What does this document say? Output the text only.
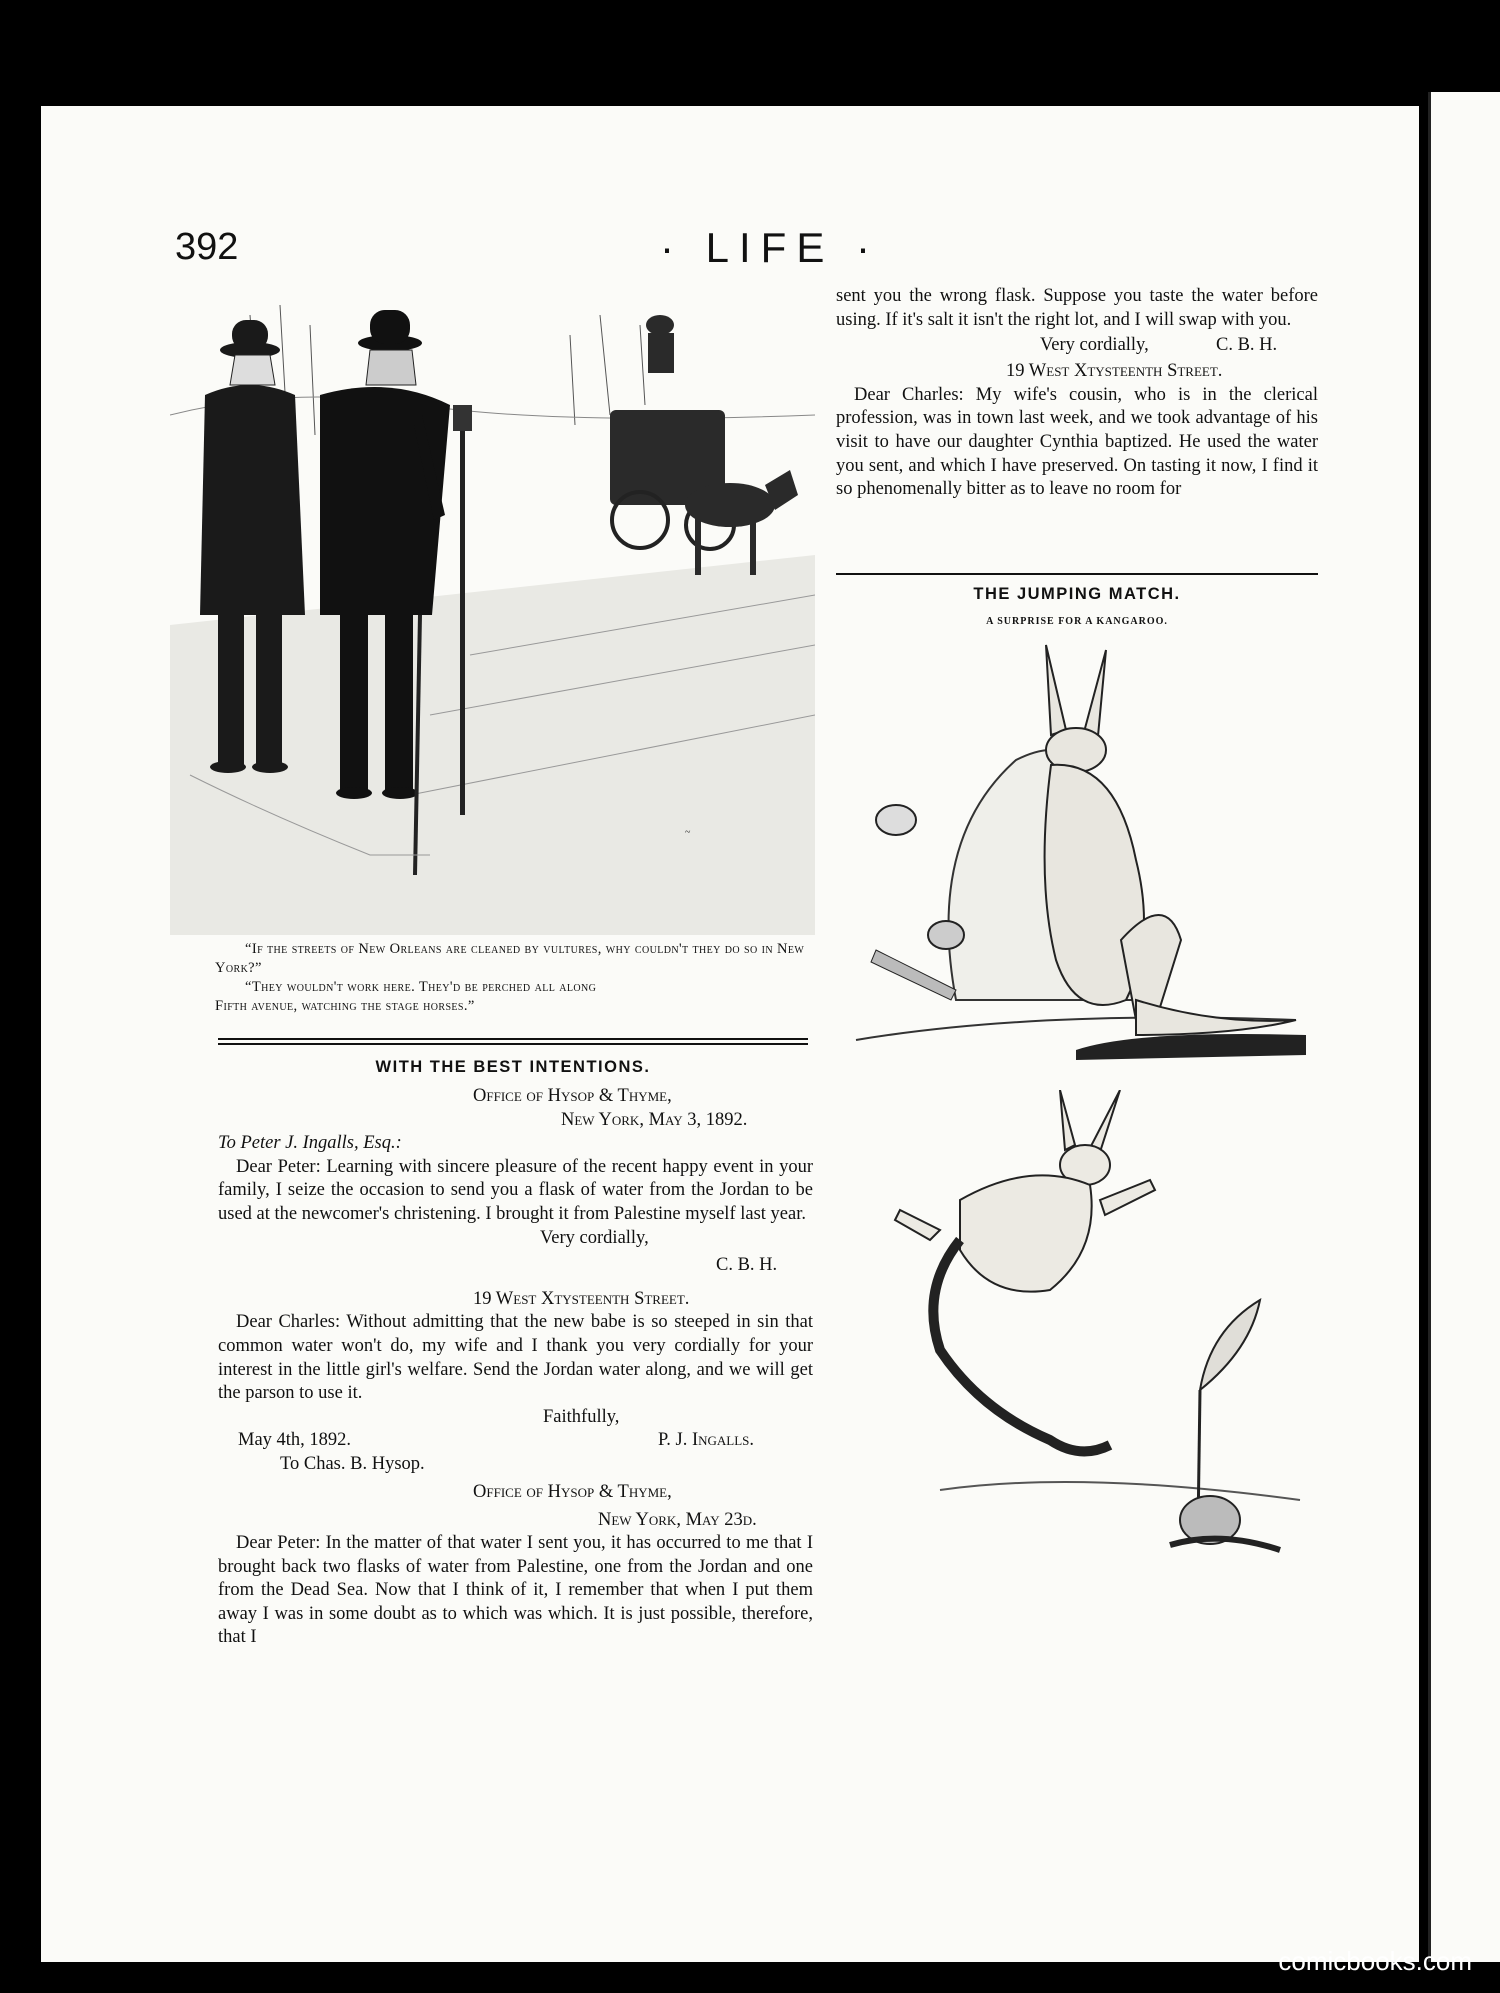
392	· LIFE ·
~

“If the streets of New Orleans are cleaned by vultures, why couldn't they do so in New York?”

“They wouldn't work here. They'd be perched all along

Fifth avenue, watching the stage horses.”

WITH THE BEST INTENTIONS.

Office of Hysop & Thyme,

New York, May 3, 1892.

To Peter J. Ingalls, Esq.:

Dear Peter: Learning with sincere pleasure of the recent happy event in your family, I seize the occasion to send you a flask of water from the Jordan to be used at the newcomer's christening. I brought it from Palestine myself last year.

Very cordially,

C. B. H.

19 West Xtysteenth Street.

Dear Charles: Without admitting that the new babe is so steeped in sin that common water won't do, my wife and I thank you very cordially for your interest in the little girl's welfare. Send the Jordan water along, and we will get the parson to use it.

Faithfully,

May 4th, 1892.	P. J. Ingalls.

To Chas. B. Hysop.

Office of Hysop & Thyme,

New York, May 23d.

Dear Peter: In the matter of that water I sent you, it has occurred to me that I brought back two flasks of water from Palestine, one from the Jordan and one from the Dead Sea. Now that I think of it, I remember that when I put them away I was in some doubt as to which was which. It is just possible, therefore, that I

sent you the wrong flask. Suppose you taste the water before using. If it's salt it isn't the right lot, and I will swap with you.

Very cordially,	C. B. H.

19 West Xtysteenth Street.

Dear Charles: My wife's cousin, who is in the clerical profession, was in town last week, and we took advantage of his visit to have our daughter Cynthia baptized. He used the water you sent, and which I have preserved. On tasting it now, I find it so phenomenally bitter as to leave no room for

THE JUMPING MATCH.
A SURPRISE FOR A KANGAROO.
comicbooks.com
